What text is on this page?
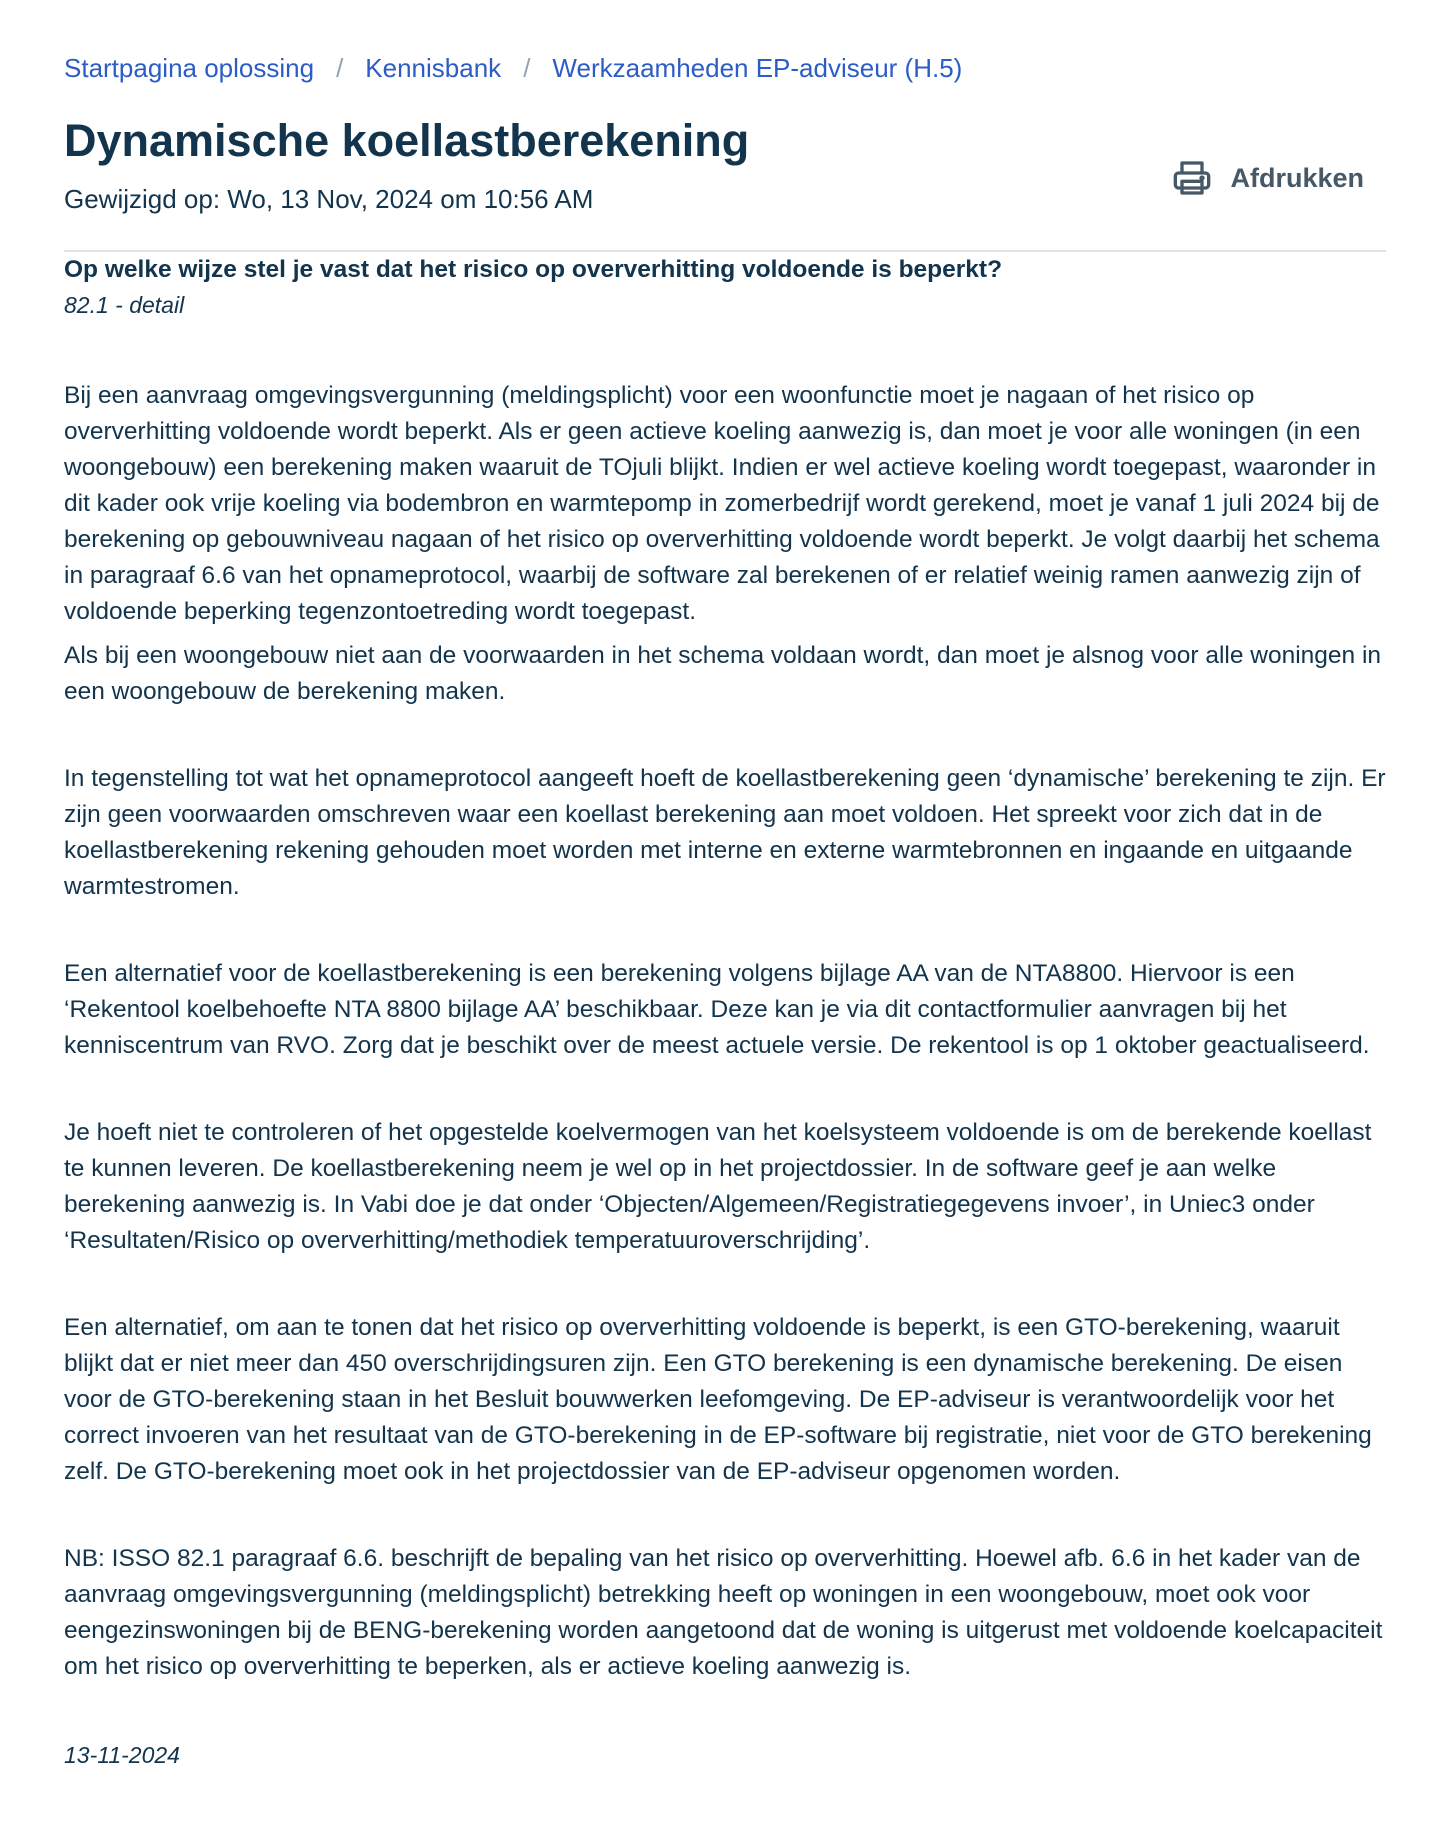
Startpagina oplossing / Kennisbank / Werkzaamheden EP-adviseur (H.5)
Dynamische koellastberekening
Gewijzigd op: Wo, 13 Nov, 2024 om 10:56 AM
Afdrukken

Op welke wijze stel je vast dat het risico op oververhitting voldoende is beperkt?

82.1 - detail

Bij een aanvraag omgevingsvergunning (meldingsplicht) voor een woonfunctie moet je nagaan of het risico op oververhitting voldoende wordt beperkt. Als er geen actieve koeling aanwezig is, dan moet je voor alle woningen (in een woongebouw) een berekening maken waaruit de TOjuli blijkt. Indien er wel actieve koeling wordt toegepast, waaronder in dit kader ook vrije koeling via bodembron en warmtepomp in zomerbedrijf wordt gerekend, moet je vanaf 1 juli 2024 bij de berekening op gebouwniveau nagaan of het risico op oververhitting voldoende wordt beperkt. Je volgt daarbij het schema in paragraaf 6.6 van het opnameprotocol, waarbij de software zal berekenen of er relatief weinig ramen aanwezig zijn of voldoende beperking tegenzontoetreding wordt toegepast.

Als bij een woongebouw niet aan de voorwaarden in het schema voldaan wordt, dan moet je alsnog voor alle woningen in een woongebouw de berekening maken.

In tegenstelling tot wat het opnameprotocol aangeeft hoeft de koellastberekening geen ‘dynamische’ berekening te zijn. Er zijn geen voorwaarden omschreven waar een koellast berekening aan moet voldoen. Het spreekt voor zich dat in de koellastberekening rekening gehouden moet worden met interne en externe warmtebronnen en ingaande en uitgaande warmtestromen.

Een alternatief voor de koellastberekening is een berekening volgens bijlage AA van de NTA8800. Hiervoor is een ‘Rekentool koelbehoefte NTA 8800 bijlage AA’ beschikbaar. Deze kan je via dit contactformulier aanvragen bij het kenniscentrum van RVO. Zorg dat je beschikt over de meest actuele versie. De rekentool is op 1 oktober geactualiseerd.

Je hoeft niet te controleren of het opgestelde koelvermogen van het koelsysteem voldoende is om de berekende koellast te kunnen leveren. De koellastberekening neem je wel op in het projectdossier. In de software geef je aan welke berekening aanwezig is. In Vabi doe je dat onder ‘Objecten/Algemeen/Registratiegegevens invoer’, in Uniec3 onder ‘Resultaten/Risico op oververhitting/methodiek temperatuuroverschrijding’.

Een alternatief, om aan te tonen dat het risico op oververhitting voldoende is beperkt, is een GTO-berekening, waaruit blijkt dat er niet meer dan 450 overschrijdingsuren zijn. Een GTO berekening is een dynamische berekening. De eisen voor de GTO-berekening staan in het Besluit bouwwerken leefomgeving. De EP-adviseur is verantwoordelijk voor het correct invoeren van het resultaat van de GTO-berekening in de EP-software bij registratie, niet voor de GTO berekening zelf. De GTO-berekening moet ook in het projectdossier van de EP-adviseur opgenomen worden.

NB: ISSO 82.1 paragraaf 6.6. beschrijft de bepaling van het risico op oververhitting. Hoewel afb. 6.6 in het kader van de aanvraag omgevingsvergunning (meldingsplicht) betrekking heeft op woningen in een woongebouw, moet ook voor eengezinswoningen bij de BENG-berekening worden aangetoond dat de woning is uitgerust met voldoende koelcapaciteit om het risico op oververhitting te beperken, als er actieve koeling aanwezig is.

13-11-2024
